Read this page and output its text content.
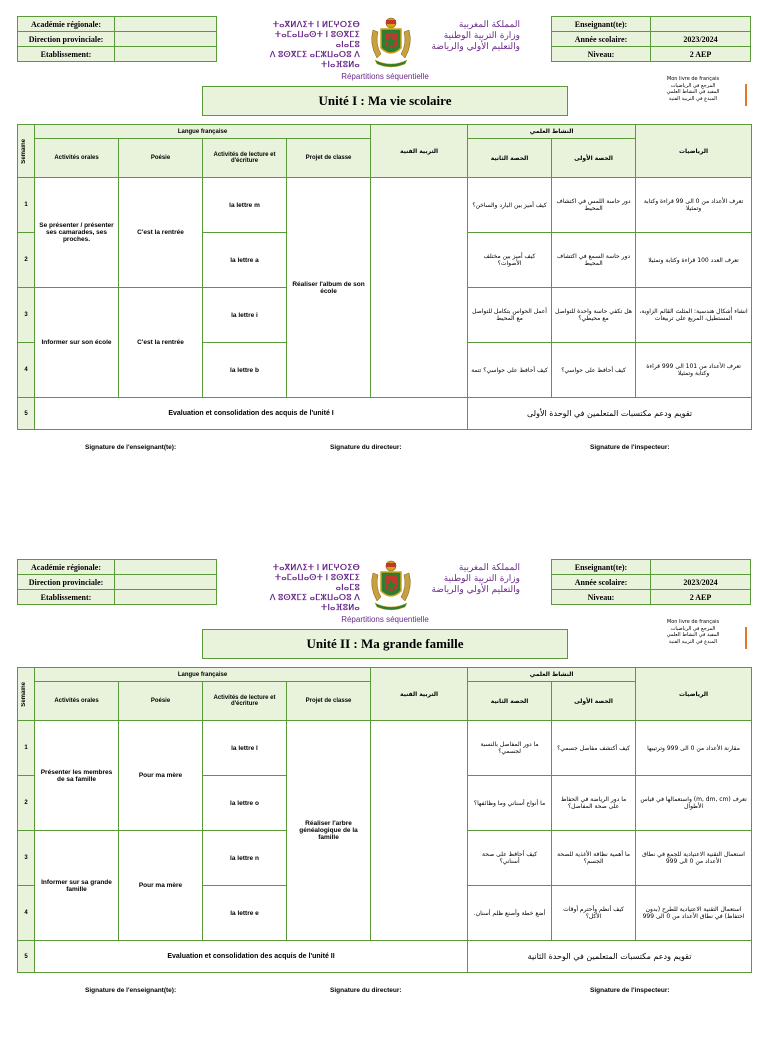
Académie régionale:	
Direction provinciale:	
Etablissement:	
Enseignant(te):	
Année scolaire:	2023/2024
Niveau:	2 AEP
ⵜⴰⴳⵍⴷⵉⵜ ⵏ ⵍⵎⵖⵔⵉⴱ
ⵜⴰⵎⴰⵡⴰⵙⵜ ⵏ ⵓⵙⴳⵎⵉ ⴰⵏⴰⵎⵓ
ⴷ ⵓⵙⴳⵎⵉ ⴰⵎⵣⵡⴰⵔⵓ ⴷ ⵜⵏⴰⴼⵓⵍⴰ
المملكة المغربية
وزارة التربية الوطنية
والتعليم الأولي والرياضة
Répartitions séquentielle	Mon livre de français
المرجع في الرياضيات
المفيد في النشاط العلمي
المبدع في التربية الفنية
Unité I : Ma vie scolaire
Semaine	Langue française				التربية الفنية	النشاط العلمي		الرياضيات
	Activités orales	Poésie	Activités de lecture et d'écriture	Projet de classe		الحصة الثانية	الحصة الأولى	
1	Se présenter / présenter ses camarades, ses proches.	C'est la rentrée	la lettre m	Réaliser l'album de son école		كيف أميز بين البارد والساخن؟	دور حاسة اللمس في اكتشاف المحيط	تعرف الأعداد من 0 الى 99 قراءة وكتابة وتمثيلا
2			la lettre a			كيف أميز بين مختلف الأصوات؟	دور حاسة السمع في اكتشاف المحيط	تعرف العدد 100 قراءة وكتابة وتمثيلا
3	Informer sur son école	C'est la rentrée	la lettre i			أعمل الحواس بتكامل للتواصل مع المحيط	هل تكفي حاسة واحدة للتواصل مع محيطي؟	انشاء أشكال هندسية: المثلث القائم الزاوية، المستطيل، المربع على تربيعات
4			la lettre b			كيف أحافظ على حواسي؟ تتمة	كيف أحافظ على حواسي؟	تعرف الأعداد من 101 الى 999 قراءة وكتابة وتمثيلا
5	Evaluation et consolidation des acquis de l'unité I					تقويم ودعم مكتسبات المتعلمين في الوحدة الأولى		
Signature de l'enseignant(te):	Signature du directeur:	Signature de l'inspecteur:
Académie régionale:	
Direction provinciale:	
Etablissement:	
Enseignant(te):	
Année scolaire:	2023/2024
Niveau:	2 AEP
ⵜⴰⴳⵍⴷⵉⵜ ⵏ ⵍⵎⵖⵔⵉⴱ
ⵜⴰⵎⴰⵡⴰⵙⵜ ⵏ ⵓⵙⴳⵎⵉ ⴰⵏⴰⵎⵓ
ⴷ ⵓⵙⴳⵎⵉ ⴰⵎⵣⵡⴰⵔⵓ ⴷ ⵜⵏⴰⴼⵓⵍⴰ
المملكة المغربية
وزارة التربية الوطنية
والتعليم الأولي والرياضة
Répartitions séquentielle	Mon livre de français
المرجع في الرياضيات
المفيد في النشاط العلمي
المبدع في التربية الفنية
Unité II : Ma grande famille
Semaine	Langue française				التربية الفنية	النشاط العلمي		الرياضيات
	Activités orales	Poésie	Activités de lecture et d'écriture	Projet de classe		الحصة الثانية	الحصة الأولى	
1	Présenter les membres de sa famille	Pour ma mère	la lettre l	Réaliser l'arbre généalogique de la famille		ما دور المفاصل بالنسبة لجسمي؟	كيف أكتشف مفاصل جسمي؟	مقارنة الأعداد من 0 الى 999 وترتيبها
2			la lettre o			ما أنواع أسناني وما وظائفها؟	ما دور الرياضة في الحفاظ على صحة المفاصل؟	تعرف (m, dm, cm) واستعمالها في قياس الأطوال
3	Informer sur sa grande famille	Pour ma mère	la lettre n			كيف أحافظ على صحة أسناني؟	ما أهمية نظافة الأغذية للصحة الجسم؟	استعمال التقنية الاعتيادية للجمع في نطاق الأعداد من 0 الى 999
4			la lettre e			أضع خطة وأصنع ظلم أسنان.	كيف أنظم وأحترم أوقات الأكل؟	استعمال التقنية الاعتيادية للطرح (بدون احتفاظ) في نطاق الأعداد من 0 الى 999
5	Evaluation et consolidation des acquis de l'unité II					تقويم ودعم مكتسبات المتعلمين في الوحدة الثانية		
Signature de l'enseignant(te):	Signature du directeur:	Signature de l'inspecteur:
